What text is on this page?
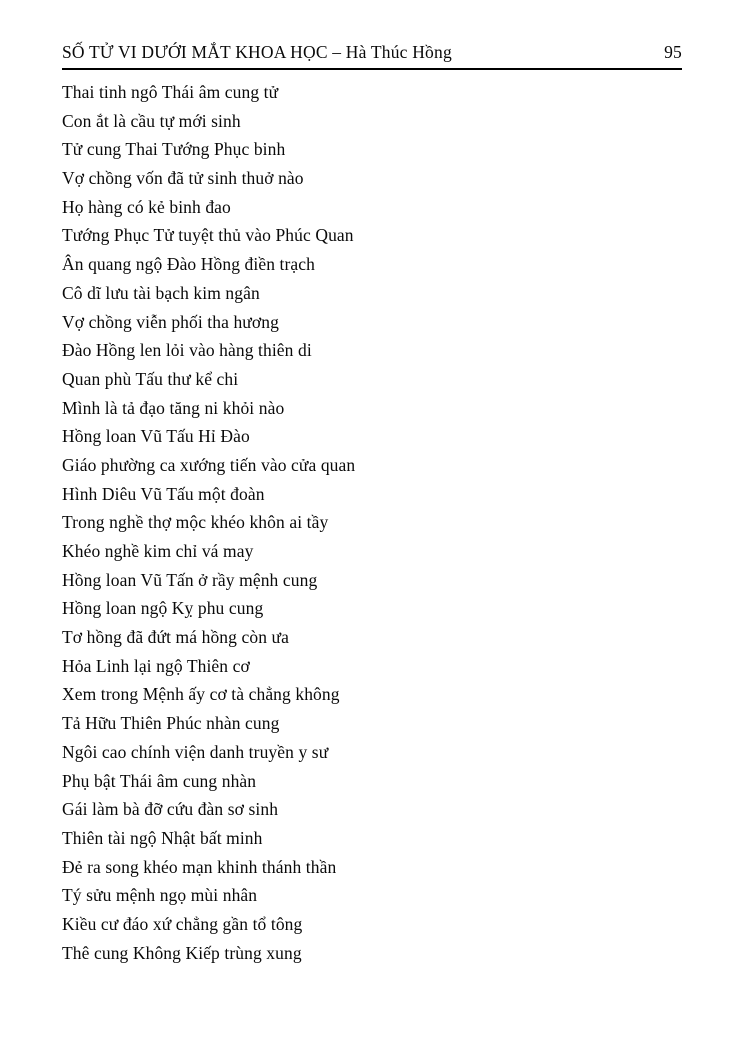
SỐ TỬ VI DƯỚI MẮT KHOA HỌC – Hà Thúc Hồng	95

Thai tinh ngô Thái âm cung tử

Con ắt là cầu tự mới sinh

Tử cung Thai Tướng Phục binh

Vợ chồng vốn đã tử sinh thuở nào

Họ hàng có kẻ binh đao

Tướng Phục Tử tuyệt thủ vào Phúc Quan

Ân quang ngộ Đào Hồng điền trạch

Cô dĩ lưu tài bạch kim ngân

Vợ chồng viễn phối tha hương

Đào Hồng len lỏi vào hàng thiên di

Quan phù Tấu thư kể chi

Mình là tả đạo tăng ni khỏi nào

Hồng loan Vũ Tấu Hỉ Đào

Giáo phường ca xướng tiến vào cửa quan

Hình Diêu Vũ Tấu một đoàn

Trong nghề thợ mộc khéo khôn ai tầy

Khéo nghề kim chỉ vá may

Hồng loan Vũ Tấn ở rầy mệnh cung

Hồng loan ngộ Kỵ phu cung

Tơ hồng đã đứt má hồng còn ưa

Hỏa Linh lại ngộ Thiên cơ

Xem trong Mệnh ấy cơ tà chẳng không

Tả Hữu Thiên Phúc nhàn cung

Ngôi cao chính viện danh truyền y sư

Phụ bật Thái âm cung nhàn

Gái làm bà đỡ cứu đàn sơ sinh

Thiên tài ngộ Nhật bất minh

Đẻ ra song khéo mạn khinh thánh thần

Tý sửu mệnh ngọ mùi nhân

Kiều cư đáo xứ chẳng gần tổ tông

Thê cung Không Kiếp trùng xung
